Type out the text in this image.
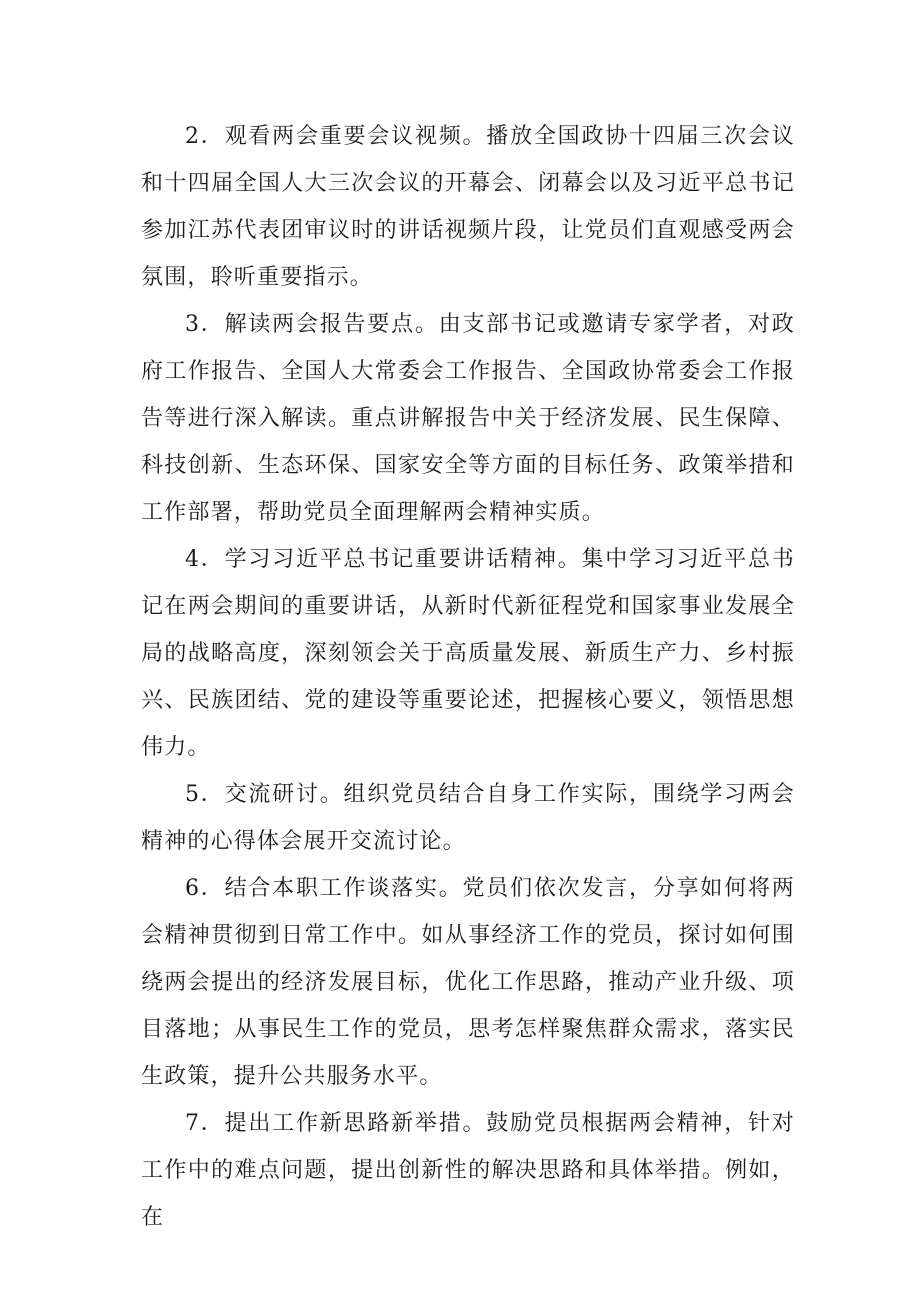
2．观看两会重要会议视频。播放全国政协十四届三次会议和十四届全国人大三次会议的开幕会、闭幕会以及习近平总书记参加江苏代表团审议时的讲话视频片段，让党员们直观感受两会氛围，聆听重要指示。

3．解读两会报告要点。由支部书记或邀请专家学者，对政府工作报告、全国人大常委会工作报告、全国政协常委会工作报告等进行深入解读。重点讲解报告中关于经济发展、民生保障、科技创新、生态环保、国家安全等方面的目标任务、政策举措和工作部署，帮助党员全面理解两会精神实质。

4．学习习近平总书记重要讲话精神。集中学习习近平总书记在两会期间的重要讲话，从新时代新征程党和国家事业发展全局的战略高度，深刻领会关于高质量发展、新质生产力、乡村振兴、民族团结、党的建设等重要论述，把握核心要义，领悟思想伟力。

5．交流研讨。组织党员结合自身工作实际，围绕学习两会精神的心得体会展开交流讨论。

6．结合本职工作谈落实。党员们依次发言，分享如何将两会精神贯彻到日常工作中。如从事经济工作的党员，探讨如何围绕两会提出的经济发展目标，优化工作思路，推动产业升级、项目落地；从事民生工作的党员，思考怎样聚焦群众需求，落实民生政策，提升公共服务水平。

7．提出工作新思路新举措。鼓励党员根据两会精神，针对工作中的难点问题，提出创新性的解决思路和具体举措。例如，在
